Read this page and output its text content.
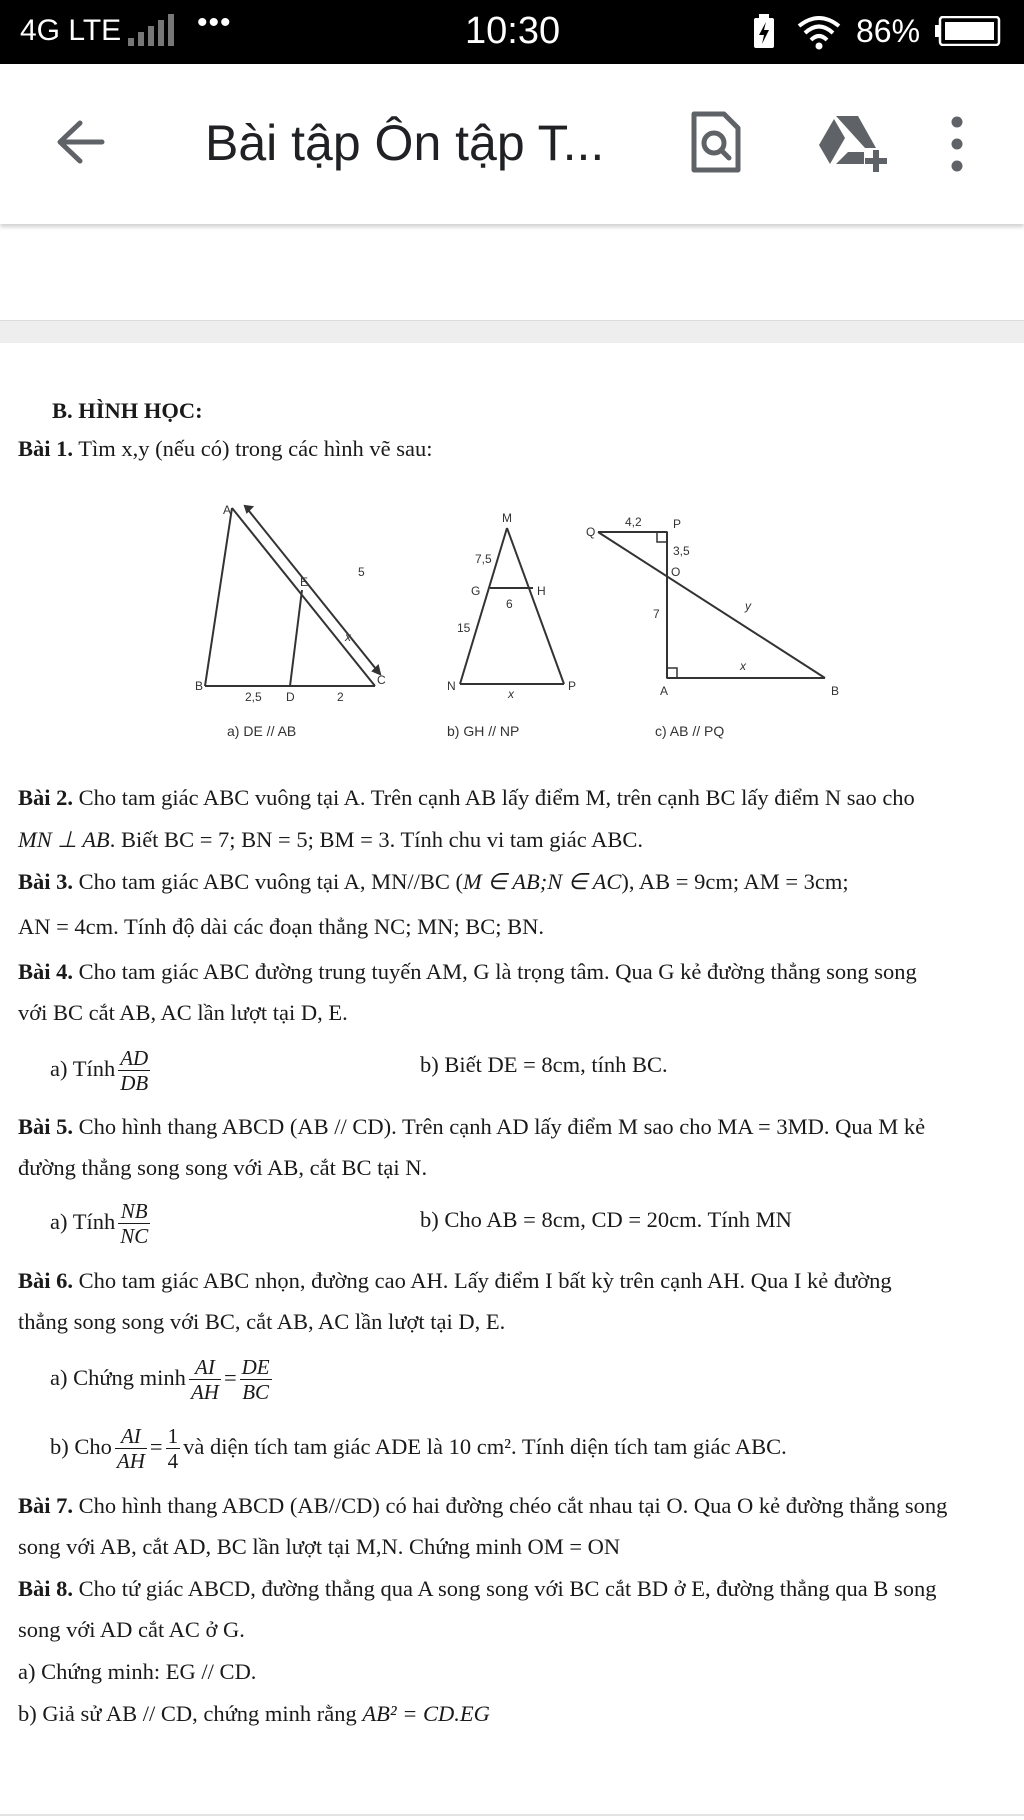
4G LTE	•••	10:30	86%
Bài tập Ôn tập T...
B. HÌNH HỌC:
Bài 1. Tìm x,y (nếu có) trong các hình vẽ sau:
A
B	C
D
E
5
x
2,5	2
a) DE // AB
M
G	H
N	P
7,5
6
15
x
b) GH // NP
Q
P
O
A	B
4,2
3,5
7
y
x
c) AB // PQ
Bài 2. Cho tam giác ABC vuông tại A. Trên cạnh AB lấy điểm M, trên cạnh BC lấy điểm N sao cho
MN ⊥ AB. Biết BC = 7; BN = 5; BM = 3. Tính chu vi tam giác ABC.
Bài 3. Cho tam giác ABC vuông tại A, MN//BC (M ∈ AB;N ∈ AC), AB = 9cm; AM = 3cm;
AN = 4cm. Tính độ dài các đoạn thẳng NC; MN; BC; BN.
Bài 4. Cho tam giác ABC đường trung tuyến AM, G là trọng tâm. Qua G kẻ đường thẳng song song
với BC cắt AB, AC lần lượt tại D, E.
a) Tính $\frac{AD}{DB}$	b) Biết DE = 8cm, tính BC.
Bài 5. Cho hình thang ABCD (AB // CD). Trên cạnh AD lấy điểm M sao cho MA = 3MD. Qua M kẻ
đường thẳng song song với AB, cắt BC tại N.
a) Tính $\frac{NB}{NC}$	b) Cho AB = 8cm, CD = 20cm. Tính MN
Bài 6. Cho tam giác ABC nhọn, đường cao AH. Lấy điểm I bất kỳ trên cạnh AH. Qua I kẻ đường
thẳng song song với BC, cắt AB, AC lần lượt tại D, E.
a) Chứng minh $\frac{AI}{AH} = \frac{DE}{BC}$
b) Cho $\frac{AI}{AH} = \frac{1}{4}$ và diện tích tam giác ADE là 10 cm². Tính diện tích tam giác ABC.
Bài 7. Cho hình thang ABCD (AB//CD) có hai đường chéo cắt nhau tại O. Qua O kẻ đường thẳng song
song với AB, cắt AD, BC lần lượt tại M,N. Chứng minh OM = ON
Bài 8. Cho tứ giác ABCD, đường thẳng qua A song song với BC cắt BD ở E, đường thẳng qua B song
song với AD cắt AC ở G.
a) Chứng minh: EG // CD.
b) Giả sử AB // CD, chứng minh rằng AB² = CD.EG
